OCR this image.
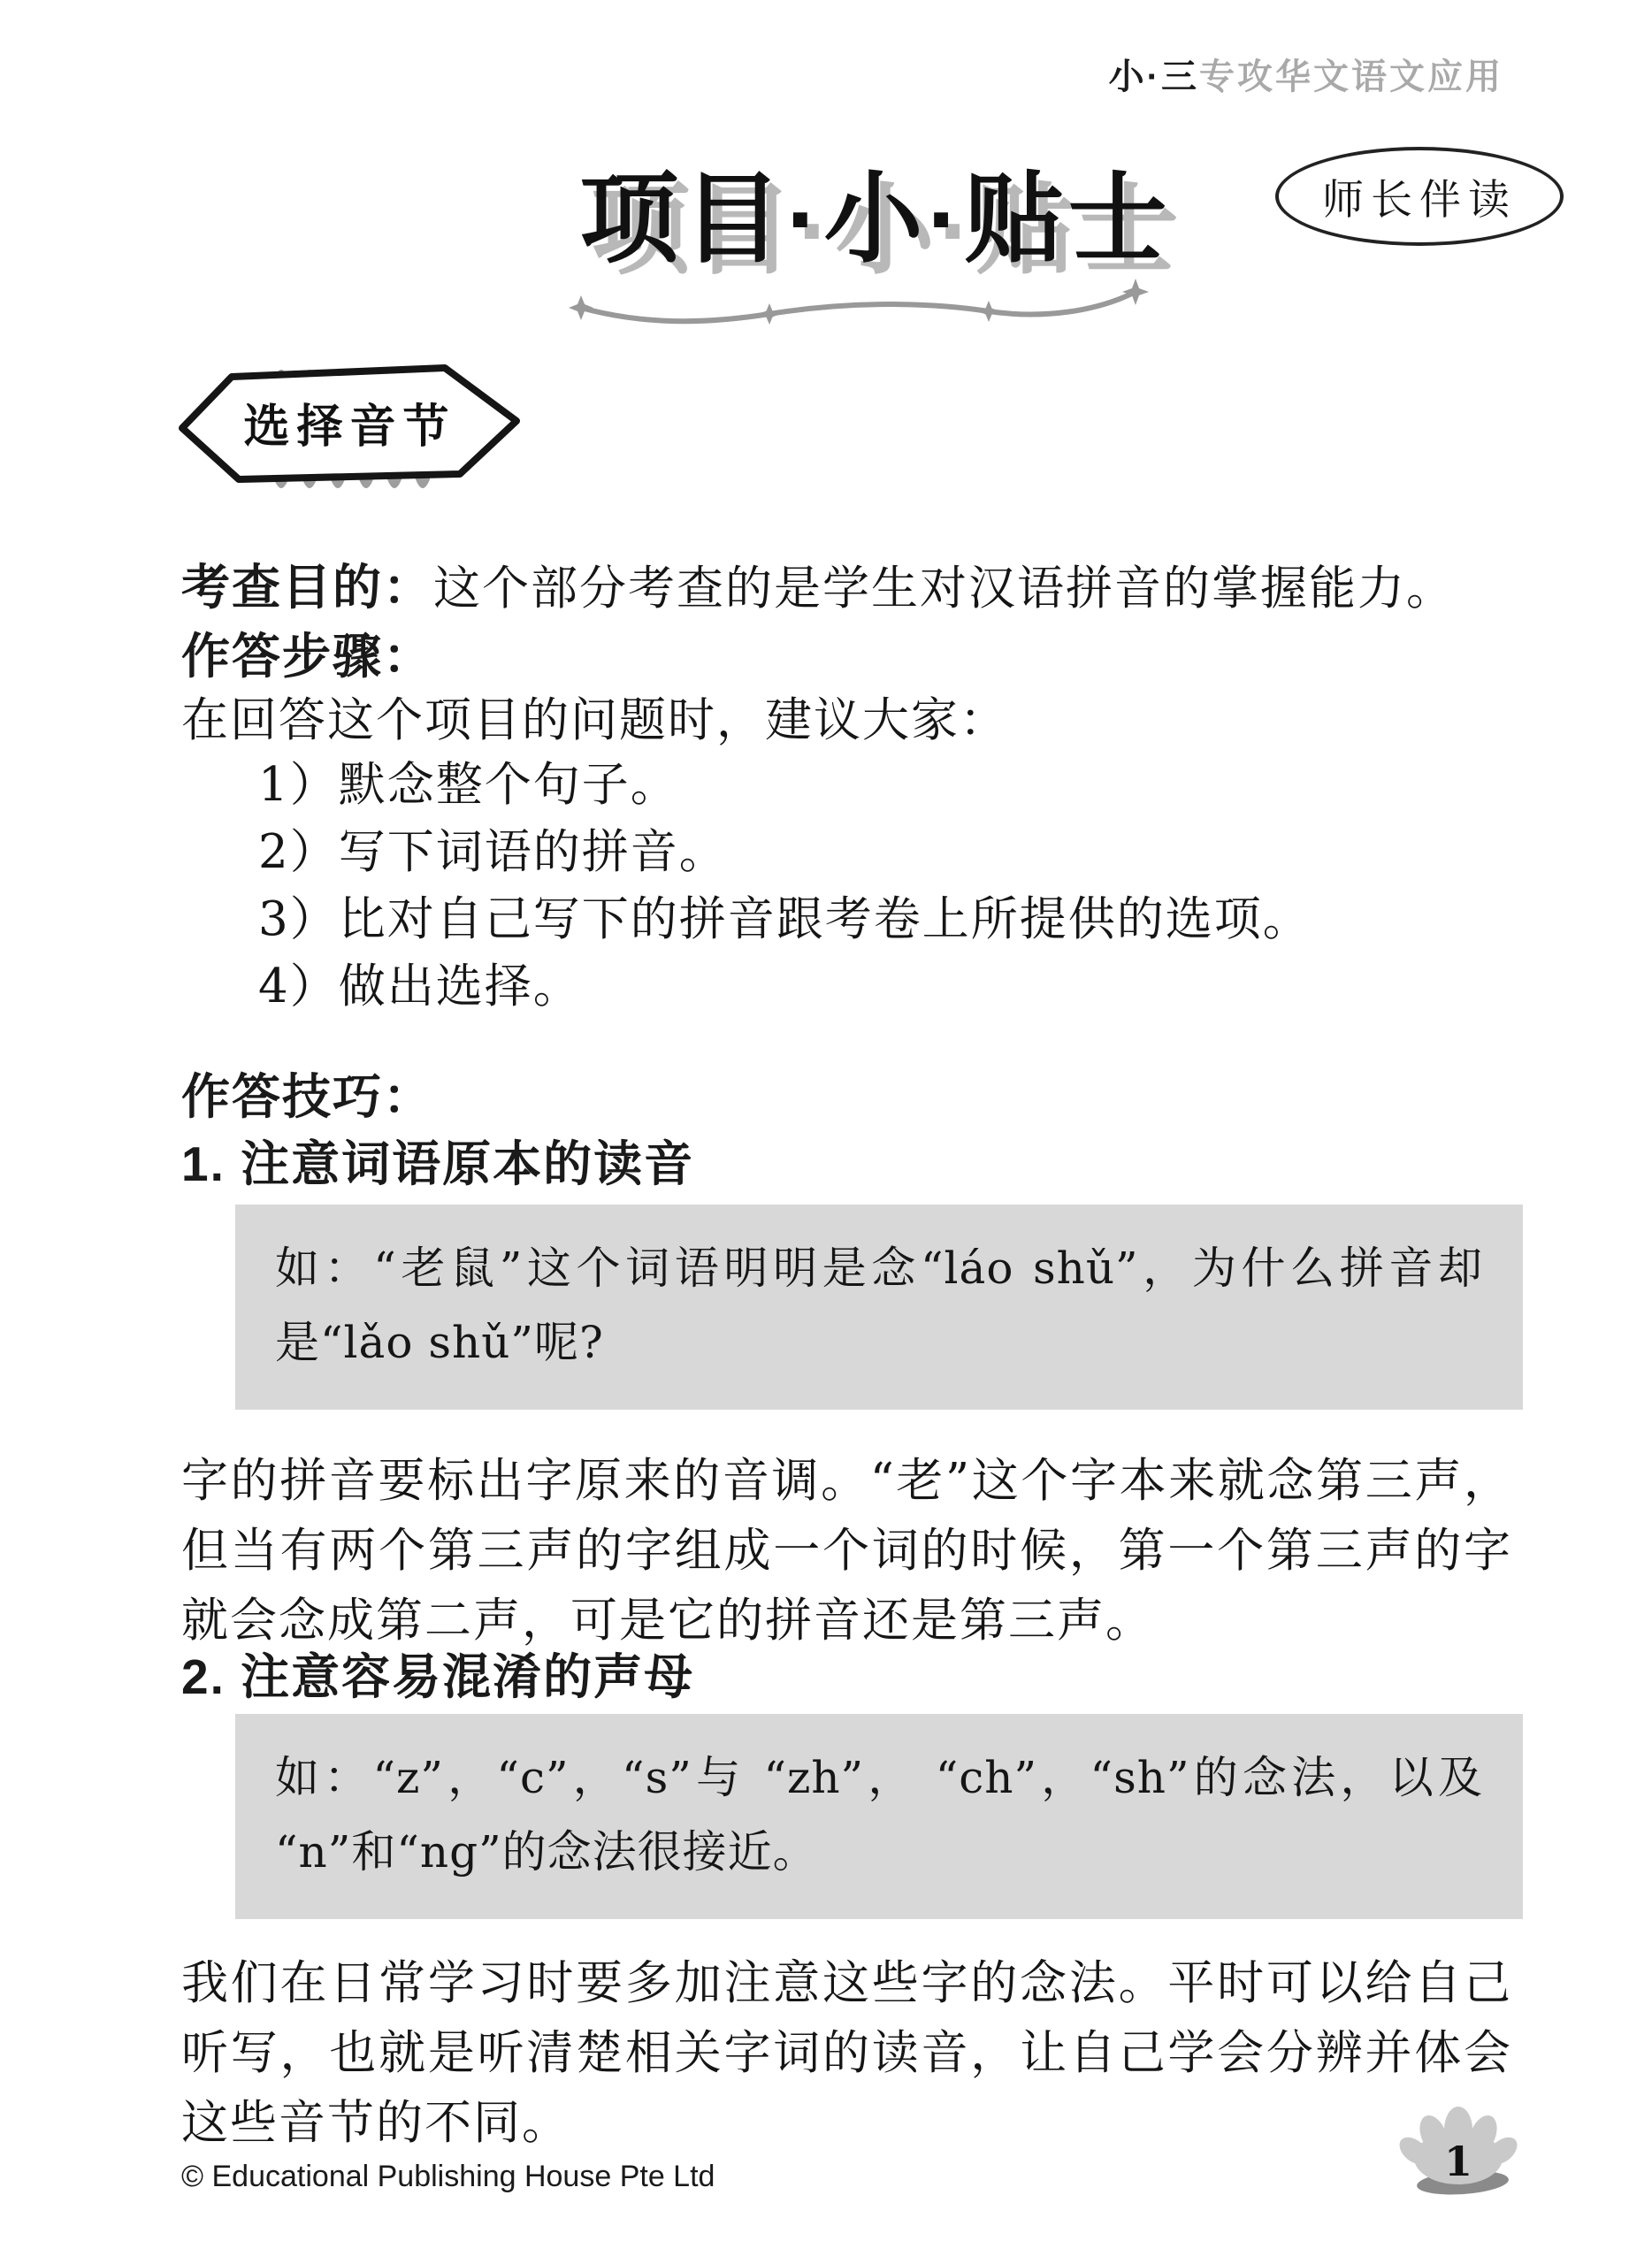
小·三专攻华文语文应用
项目·小·贴士	师长伴读
选择音节

考查目的：这个部分考查的是学生对汉语拼音的掌握能力。

作答步骤：
在回答这个项目的问题时，建议大家：
1）默念整个句子。
2）写下词语的拼音。
3）比对自己写下的拼音跟考卷上所提供的选项。
4）做出选择。
作答技巧：
1. 注意词语原本的读音
如：“老鼠”这个词语明明是念“láo shǔ”，为什么拼音却是“lǎo shǔ”呢?

字的拼音要标出字原来的音调。“老”这个字本来就念第三声，但当有两个第三声的字组成一个词的时候，第一个第三声的字就会念成第二声，可是它的拼音还是第三声。

2. 注意容易混淆的声母
如：“z”，“c”，“s”与 “zh”， “ch”，“sh”的念法，以及 “n”和“ng”的念法很接近。

我们在日常学习时要多加注意这些字的念法。平时可以给自己听写，也就是听清楚相关字词的读音，让自己学会分辨并体会这些音节的不同。

© Educational Publishing House Pte Ltd	1
